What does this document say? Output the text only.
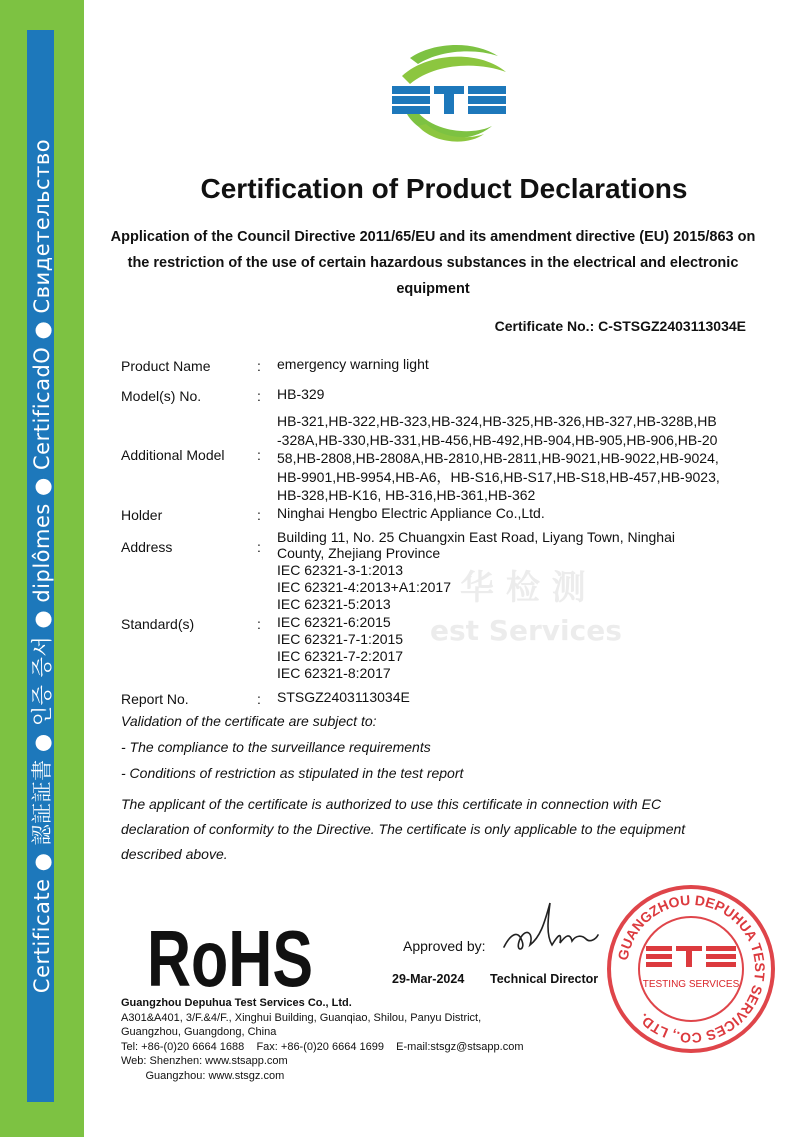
Certificate ● 認証証書 ● 인증 증서 ● diplômes ● CertificadO ● Свидетельство	STS
华 检 测
est Services
Certification of Product Declarations

Application of the Council Directive 2011/65/EU and its amendment directive (EU) 2015/863 on the restriction of the use of certain hazardous substances in the electrical and electronic equipment

Certificate No.: C-STSGZ2403113034E
Product Name	: emergency warning light
Model(s) No.	: HB-329
Additional Model :
HB-321,HB-322,HB-323,HB-324,HB-325,HB-326,HB-327,HB-328B,HB
-328A,HB-330,HB-331,HB-456,HB-492,HB-904,HB-905,HB-906,HB-20
58,HB-2808,HB-2808A,HB-2810,HB-2811,HB-9021,HB-9022,HB-9024,
HB-9901,HB-9954,HB-A6，HB-S16,HB-S17,HB-S18,HB-457,HB-9023,
HB-328,HB-K16, HB-316,HB-361,HB-362
Holder	: Ninghai Hengbo Electric Appliance Co.,Ltd.
Address	:
Building 11, No. 25 Chuangxin East Road, Liyang Town, Ninghai
County, Zhejiang Province
Standard(s)	:
IEC 62321-3-1:2013
IEC 62321-4:2013+A1:2017
IEC 62321-5:2013
IEC 62321-6:2015
IEC 62321-7-1:2015
IEC 62321-7-2:2017
IEC 62321-8:2017
Report No.	: STSGZ2403113034E
Validation of the certificate are subject to:
- The compliance to the surveillance requirements
- Conditions of restriction as stipulated in the test report
The applicant of the certificate is authorized to use this certificate in connection with EC
declaration of conformity to the Directive. The certificate is only applicable to the equipment
described above.
RoHS	Approved by:
29-Mar-2024 Technical Director
GUANGZHOU DEPUHUA TEST SERVICES CO., LTD.
TESTING SERVICES
Guangzhou Depuhua Test Services Co., Ltd.
A301&A401, 3/F.&4/F., Xinghui Building, Guanqiao, Shilou, Panyu District,
Guangzhou, Guangdong, China
Tel: +86-(0)20 6664 1688    Fax: +86-(0)20 6664 1699    E-mail:stsgz@stsapp.com
Web: Shenzhen: www.stsapp.com
Guangzhou: www.stsgz.com
